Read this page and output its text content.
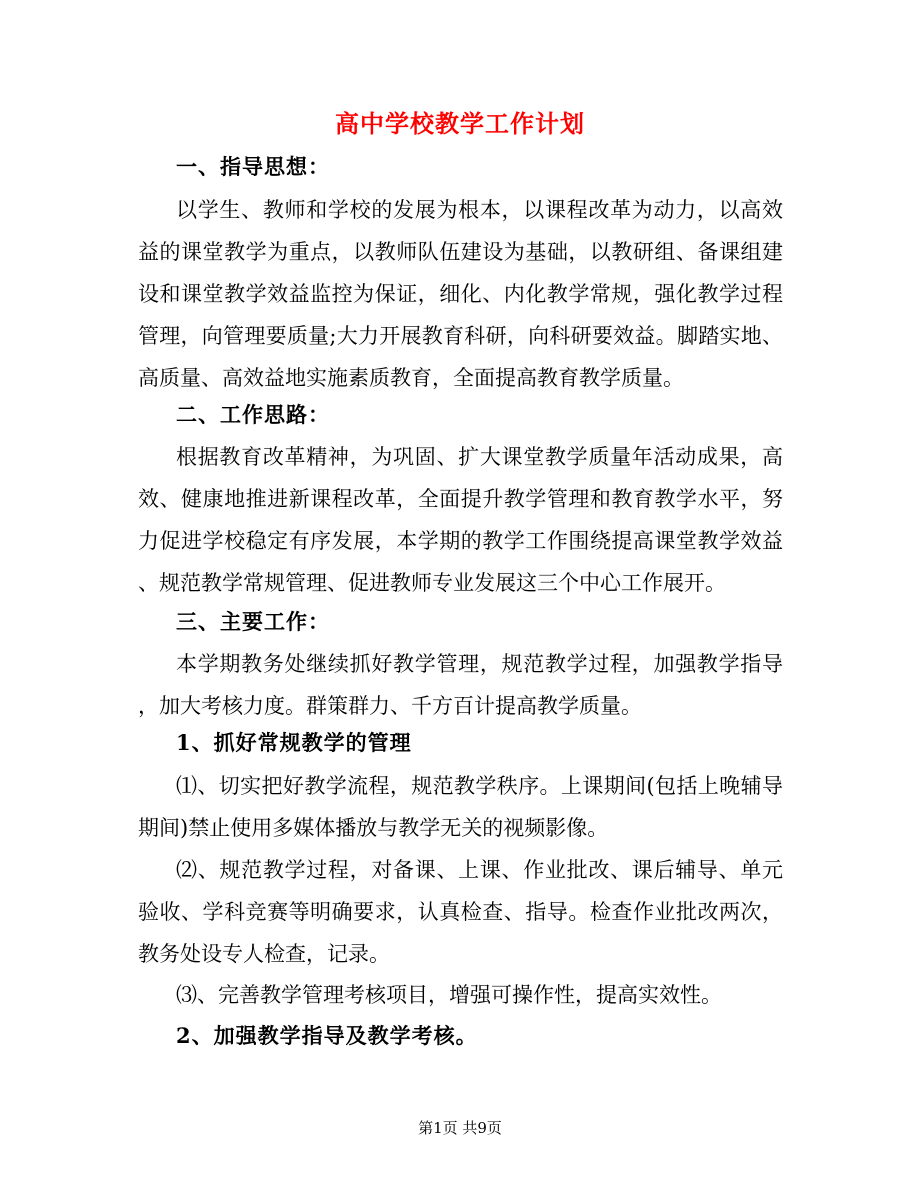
高中学校教学工作计划
一、指导思想：
以学生、教师和学校的发展为根本，以课程改革为动力，以高效
益的课堂教学为重点，以教师队伍建设为基础，以教研组、备课组建
设和课堂教学效益监控为保证，细化、内化教学常规，强化教学过程
管理，向管理要质量;大力开展教育科研，向科研要效益。脚踏实地、
高质量、高效益地实施素质教育，全面提高教育教学质量。
二、工作思路：
根据教育改革精神，为巩固、扩大课堂教学质量年活动成果，高
效、健康地推进新课程改革，全面提升教学管理和教育教学水平，努
力促进学校稳定有序发展，本学期的教学工作围绕提高课堂教学效益
、规范教学常规管理、促进教师专业发展这三个中心工作展开。
三、主要工作：
本学期教务处继续抓好教学管理，规范教学过程，加强教学指导
，加大考核力度。群策群力、千方百计提高教学质量。
1、抓好常规教学的管理
⑴、切实把好教学流程，规范教学秩序。上课期间(包括上晚辅导
期间)禁止使用多媒体播放与教学无关的视频影像。
⑵、规范教学过程，对备课、上课、作业批改、课后辅导、单元
验收、学科竞赛等明确要求，认真检查、指导。检查作业批改两次，
教务处设专人检查，记录。
⑶、完善教学管理考核项目，增强可操作性，提高实效性。
2、加强教学指导及教学考核。
第1页 共9页
